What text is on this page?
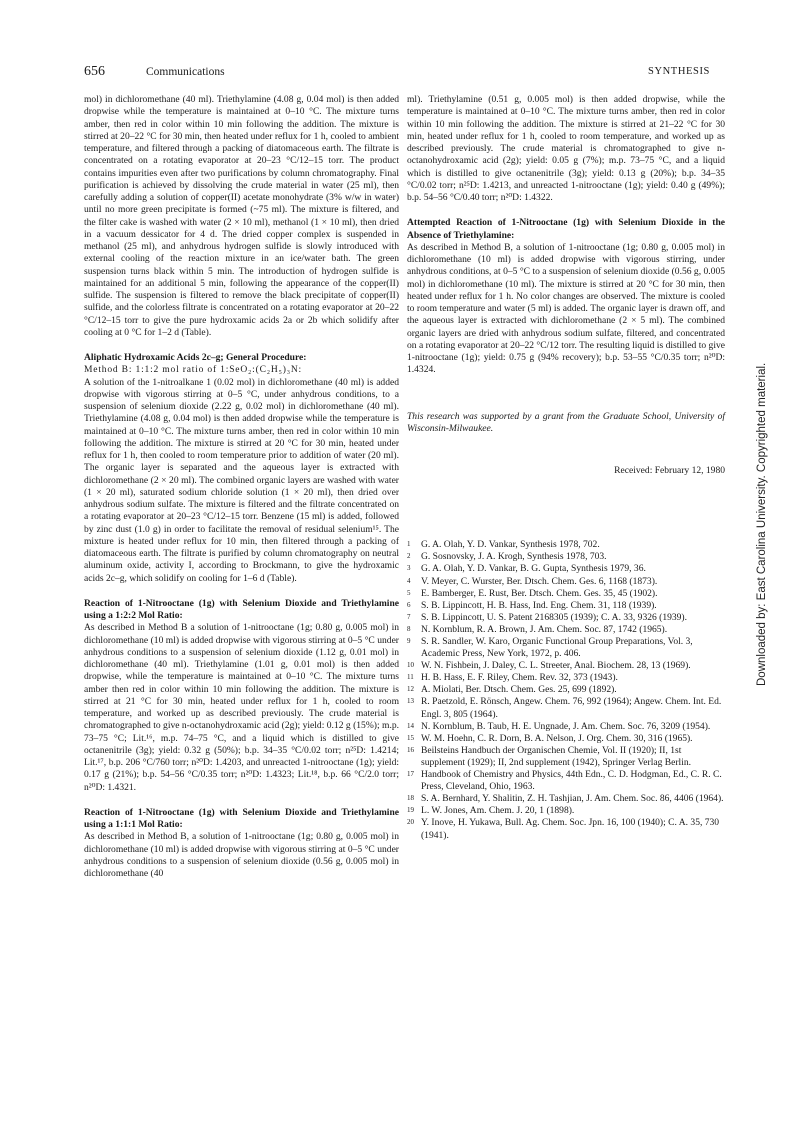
656	Communications	SYNTHESIS

mol) in dichloromethane (40 ml). Triethylamine (4.08 g, 0.04 mol) is then added dropwise while the temperature is maintained at 0–10 °C. The mixture turns amber, then red in color within 10 min following the addition. The mixture is stirred at 20–22 °C for 30 min, then heated under reflux for 1 h, cooled to ambient temperature, and filtered through a packing of diatomaceous earth. The filtrate is concentrated on a rotating evaporator at 20–23 °C/12–15 torr. The product contains impurities even after two purifications by column chromatography. Final purification is achieved by dissolving the crude material in water (25 ml), then carefully adding a solution of copper(II) acetate monohydrate (3% w/w in water) until no more green precipitate is formed (~75 ml). The mixture is filtered, and the filter cake is washed with water (2 × 10 ml), methanol (1 × 10 ml), then dried in a vacuum dessicator for 4 d. The dried copper complex is suspended in methanol (25 ml), and anhydrous hydrogen sulfide is slowly introduced with external cooling of the reaction mixture in an ice/water bath. The green suspension turns black within 5 min. The introduction of hydrogen sulfide is maintained for an additional 5 min, following the appearance of the copper(II) sulfide. The suspension is filtered to remove the black precipitate of copper(II) sulfide, and the colorless filtrate is concentrated on a rotating evaporator at 20–22 °C/12–15 torr to give the pure hydroxamic acids 2a or 2b which solidify after cooling at 0 °C for 1–2 d (Table).

Aliphatic Hydroxamic Acids 2c–g; General Procedure:

Method B: 1:1:2 mol ratio of 1:SeO₂:(C₂H₅)₃N:

A solution of the 1-nitroalkane 1 (0.02 mol) in dichloromethane (40 ml) is added dropwise with vigorous stirring at 0–5 °C, under anhydrous conditions, to a suspension of selenium dioxide (2.22 g, 0.02 mol) in dichloromethane (40 ml). Triethylamine (4.08 g, 0.04 mol) is then added dropwise while the temperature is maintained at 0–10 °C. The mixture turns amber, then red in color within 10 min following the addition. The mixture is stirred at 20 °C for 30 min, heated under reflux for 1 h, then cooled to room temperature prior to addition of water (20 ml). The organic layer is separated and the aqueous layer is extracted with dichloromethane (2 × 20 ml). The combined organic layers are washed with water (1 × 20 ml), saturated sodium chloride solution (1 × 20 ml), then dried over anhydrous sodium sulfate. The mixture is filtered and the filtrate concentrated on a rotating evaporator at 20–23 °C/12–15 torr. Benzene (15 ml) is added, followed by zinc dust (1.0 g) in order to facilitate the removal of residual selenium¹⁵. The mixture is heated under reflux for 10 min, then filtered through a packing of diatomaceous earth. The filtrate is purified by column chromatography on neutral aluminum oxide, activity I, according to Brockmann, to give the hydroxamic acids 2c–g, which solidify on cooling for 1–6 d (Table).

Reaction of 1-Nitrooctane (1g) with Selenium Dioxide and Triethylamine using a 1:2:2 Mol Ratio:

As described in Method B a solution of 1-nitrooctane (1g; 0.80 g, 0.005 mol) in dichloromethane (10 ml) is added dropwise with vigorous stirring at 0–5 °C under anhydrous conditions to a suspension of selenium dioxide (1.12 g, 0.01 mol) in dichloromethane (40 ml). Triethylamine (1.01 g, 0.01 mol) is then added dropwise, while the temperature is maintained at 0–10 °C. The mixture turns amber then red in color within 10 min following the addition. The mixture is stirred at 21 °C for 30 min, heated under reflux for 1 h, cooled to room temperature, and worked up as described previously. The crude material is chromatographed to give n-octanohydroxamic acid (2g); yield: 0.12 g (15%); m.p. 73–75 °C; Lit.¹⁶, m.p. 74–75 °C, and a liquid which is distilled to give octanenitrile (3g); yield: 0.32 g (50%); b.p. 34–35 °C/0.02 torr; n²⁵D: 1.4214; Lit.¹⁷, b.p. 206 °C/760 torr; n²⁰D: 1.4203, and unreacted 1-nitrooctane (1g); yield: 0.17 g (21%); b.p. 54–56 °C/0.35 torr; n²⁰D: 1.4323; Lit.¹⁸, b.p. 66 °C/2.0 torr; n²⁰D: 1.4321.

Reaction of 1-Nitrooctane (1g) with Selenium Dioxide and Triethylamine using a 1:1:1 Mol Ratio:

As described in Method B, a solution of 1-nitrooctane (1g; 0.80 g, 0.005 mol) in dichloromethane (10 ml) is added dropwise with vigorous stirring at 0–5 °C under anhydrous conditions to a suspension of selenium dioxide (0.56 g, 0.005 mol) in dichloromethane (40

ml). Triethylamine (0.51 g, 0.005 mol) is then added dropwise, while the temperature is maintained at 0–10 °C. The mixture turns amber, then red in color within 10 min following the addition. The mixture is stirred at 21–22 °C for 30 min, heated under reflux for 1 h, cooled to room temperature, and worked up as described previously. The crude material is chromatographed to give n-octanohydroxamic acid (2g); yield: 0.05 g (7%); m.p. 73–75 °C, and a liquid which is distilled to give octanenitrile (3g); yield: 0.13 g (20%); b.p. 34–35 °C/0.02 torr; n²⁵D: 1.4213, and unreacted 1-nitrooctane (1g); yield: 0.40 g (49%); b.p. 54–56 °C/0.40 torr; n²⁰D: 1.4322.

Attempted Reaction of 1-Nitrooctane (1g) with Selenium Dioxide in the Absence of Triethylamine:

As described in Method B, a solution of 1-nitrooctane (1g; 0.80 g, 0.005 mol) in dichloromethane (10 ml) is added dropwise with vigorous stirring, under anhydrous conditions, at 0–5 °C to a suspension of selenium dioxide (0.56 g, 0.005 mol) in dichloromethane (10 ml). The mixture is stirred at 20 °C for 30 min, then heated under reflux for 1 h. No color changes are observed. The mixture is cooled to room temperature and water (5 ml) is added. The organic layer is drawn off, and the aqueous layer is extracted with dichloromethane (2 × 5 ml). The combined organic layers are dried with anhydrous sodium sulfate, filtered, and concentrated on a rotating evaporator at 20–22 °C/12 torr. The resulting liquid is distilled to give 1-nitrooctane (1g); yield: 0.75 g (94% recovery); b.p. 53–55 °C/0.35 torr; n²⁰D: 1.4324.

This research was supported by a grant from the Graduate School, University of Wisconsin-Milwaukee.

Received: February 12, 1980

1	G. A. Olah, Y. D. Vankar, Synthesis 1978, 702.
2	G. Sosnovsky, J. A. Krogh, Synthesis 1978, 703.
3	G. A. Olah, Y. D. Vankar, B. G. Gupta, Synthesis 1979, 36.
4	V. Meyer, C. Wurster, Ber. Dtsch. Chem. Ges. 6, 1168 (1873).
5	E. Bamberger, E. Rust, Ber. Dtsch. Chem. Ges. 35, 45 (1902).
6	S. B. Lippincott, H. B. Hass, Ind. Eng. Chem. 31, 118 (1939).
7	S. B. Lippincott, U. S. Patent 2168305 (1939); C. A. 33, 9326 (1939).
8	N. Kornblum, R. A. Brown, J. Am. Chem. Soc. 87, 1742 (1965).
9	S. R. Sandler, W. Karo, Organic Functional Group Preparations, Vol. 3, Academic Press, New York, 1972, p. 406.
10 W. N. Fishbein, J. Daley, C. L. Streeter, Anal. Biochem. 28, 13 (1969).
11 H. B. Hass, E. F. Riley, Chem. Rev. 32, 373 (1943).
12 A. Miolati, Ber. Dtsch. Chem. Ges. 25, 699 (1892).
13 R. Paetzold, E. Rönsch, Angew. Chem. 76, 992 (1964); Angew. Chem. Int. Ed. Engl. 3, 805 (1964).
14 N. Kornblum, B. Taub, H. E. Ungnade, J. Am. Chem. Soc. 76, 3209 (1954).
15 W. M. Hoehn, C. R. Dorn, B. A. Nelson, J. Org. Chem. 30, 316 (1965).
16 Beilsteins Handbuch der Organischen Chemie, Vol. II (1920); II, 1st supplement (1929); II, 2nd supplement (1942), Springer Verlag Berlin.
17 Handbook of Chemistry and Physics, 44th Edn., C. D. Hodgman, Ed., C. R. C. Press, Cleveland, Ohio, 1963.
18 S. A. Bernhard, Y. Shalitin, Z. H. Tashjian, J. Am. Chem. Soc. 86, 4406 (1964).
19 L. W. Jones, Am. Chem. J. 20, 1 (1898).
20 Y. Inove, H. Yukawa, Bull. Ag. Chem. Soc. Jpn. 16, 100 (1940); C. A. 35, 730 (1941).
Downloaded by: East Carolina University. Copyrighted material.
